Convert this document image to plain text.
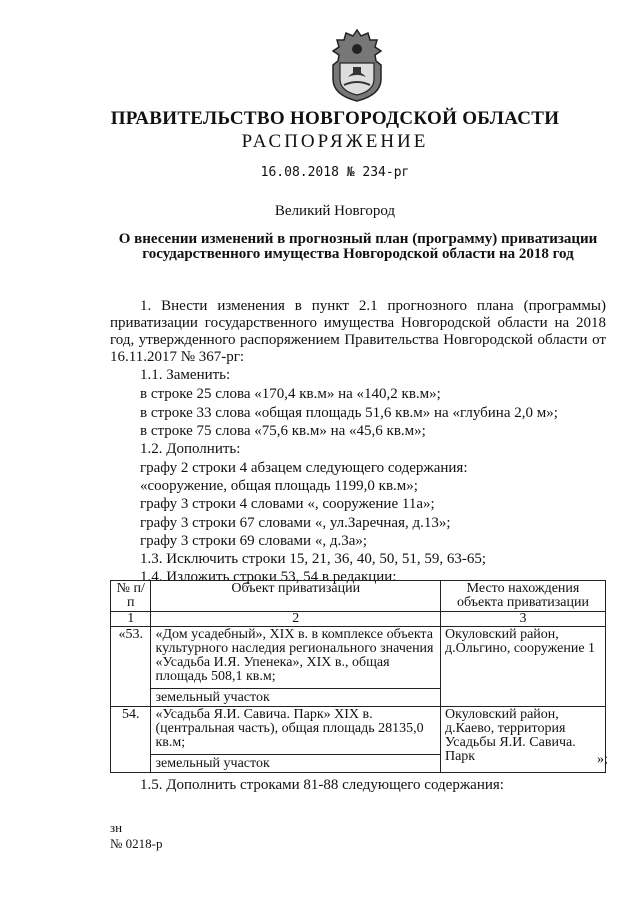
ПРАВИТЕЛЬСТВО НОВГОРОДСКОЙ ОБЛАСТИ
РАСПОРЯЖЕНИЕ
16.08.2018 № 234-рг
Великий Новгород
О внесении изменений в прогнозный план (программу) приватизации государственного имущества Новгородской области на 2018 год
1. Внести изменения в пункт 2.1 прогнозного плана (программы) приватизации государственного имущества Новгородской области на 2018 год, утвержденного распоряжением Правительства Новгородской области от 16.11.2017 № 367-рг:
1.1. Заменить:
в строке 25 слова «170,4 кв.м» на «140,2 кв.м»;
в строке 33 слова «общая площадь 51,6 кв.м» на «глубина 2,0 м»;
в строке 75 слова «75,6 кв.м» на «45,6 кв.м»;
1.2. Дополнить:
графу 2 строки 4 абзацем следующего содержания:
«сооружение, общая площадь 1199,0 кв.м»;
графу 3 строки 4 словами «, сооружение 11а»;
графу 3 строки 67 словами «, ул.Заречная, д.13»;
графу 3 строки 69 словами «, д.3а»;
1.3. Исключить строки 15, 21, 36, 40, 50, 51, 59, 63-65;
1.4. Изложить строки 53, 54 в редакции:
№ п/п	Объект приватизации	Место нахождения объекта приватизации
1	2	3
«53.	«Дом усадебный», XIX в. в комплексе объекта культурного наследия регионального значения «Усадьба И.Я. Упенека», XIX в., общая площадь 508,1 кв.м;
земельный участок	Окуловский район, д.Ольгино, сооружение 1
54.	«Усадьба Я.И. Савича. Парк» XIX в. (центральная часть), общая площадь 28135,0 кв.м;
земельный участок	Окуловский район, д.Каево, территория Усадьбы Я.И. Савича. Парк	»;
1.5. Дополнить строками 81-88 следующего содержания:
зн
№ 0218-р
